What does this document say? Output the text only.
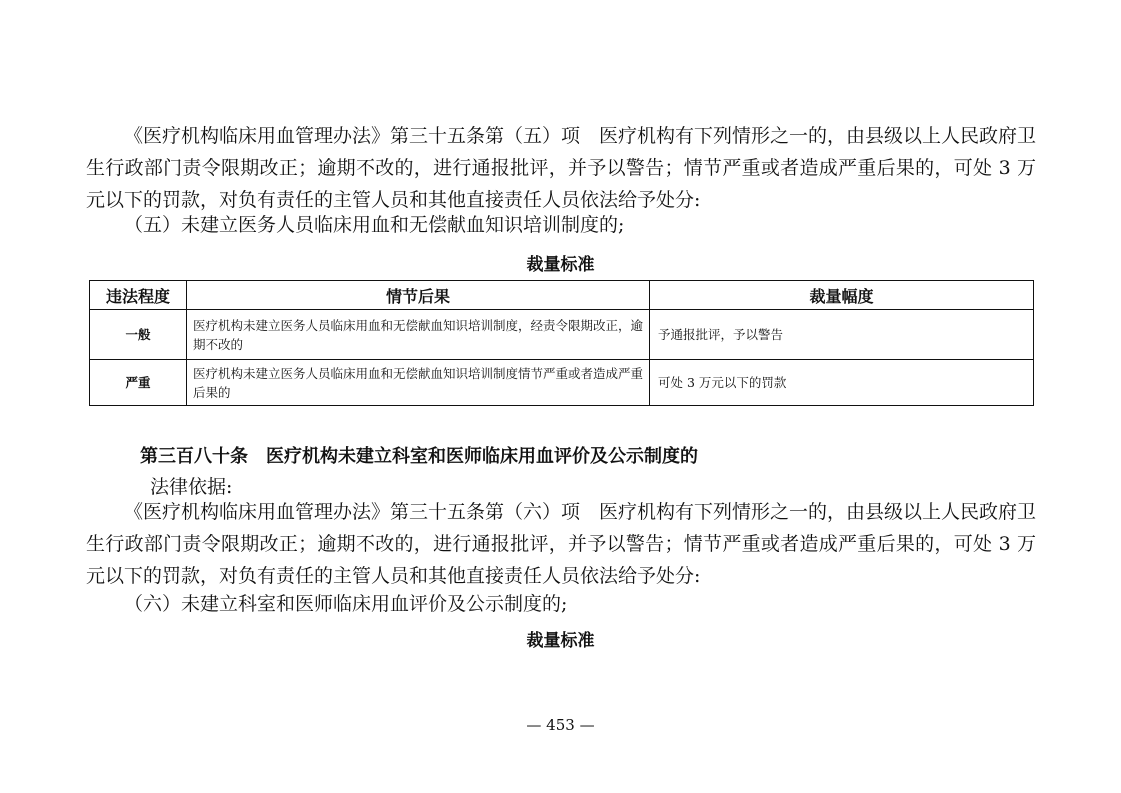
《医疗机构临床用血管理办法》第三十五条第（五）项　医疗机构有下列情形之一的，由县级以上人民政府卫生行政部门责令限期改正；逾期不改的，进行通报批评，并予以警告；情节严重或者造成严重后果的，可处 3 万元以下的罚款，对负有责任的主管人员和其他直接责任人员依法给予处分:

（五）未建立医务人员临床用血和无偿献血知识培训制度的;

裁量标准

违法程度	情节后果	裁量幅度
一般	医疗机构未建立医务人员临床用血和无偿献血知识培训制度，经责令限期改正，逾期不改的	予通报批评，予以警告
严重	医疗机构未建立医务人员临床用血和无偿献血知识培训制度情节严重或者造成严重后果的	可处 3 万元以下的罚款

第三百八十条　医疗机构未建立科室和医师临床用血评价及公示制度的

法律依据:

《医疗机构临床用血管理办法》第三十五条第（六）项　医疗机构有下列情形之一的，由县级以上人民政府卫生行政部门责令限期改正；逾期不改的，进行通报批评，并予以警告；情节严重或者造成严重后果的，可处 3 万元以下的罚款，对负有责任的主管人员和其他直接责任人员依法给予处分:

（六）未建立科室和医师临床用血评价及公示制度的;

裁量标准

— 453 —
